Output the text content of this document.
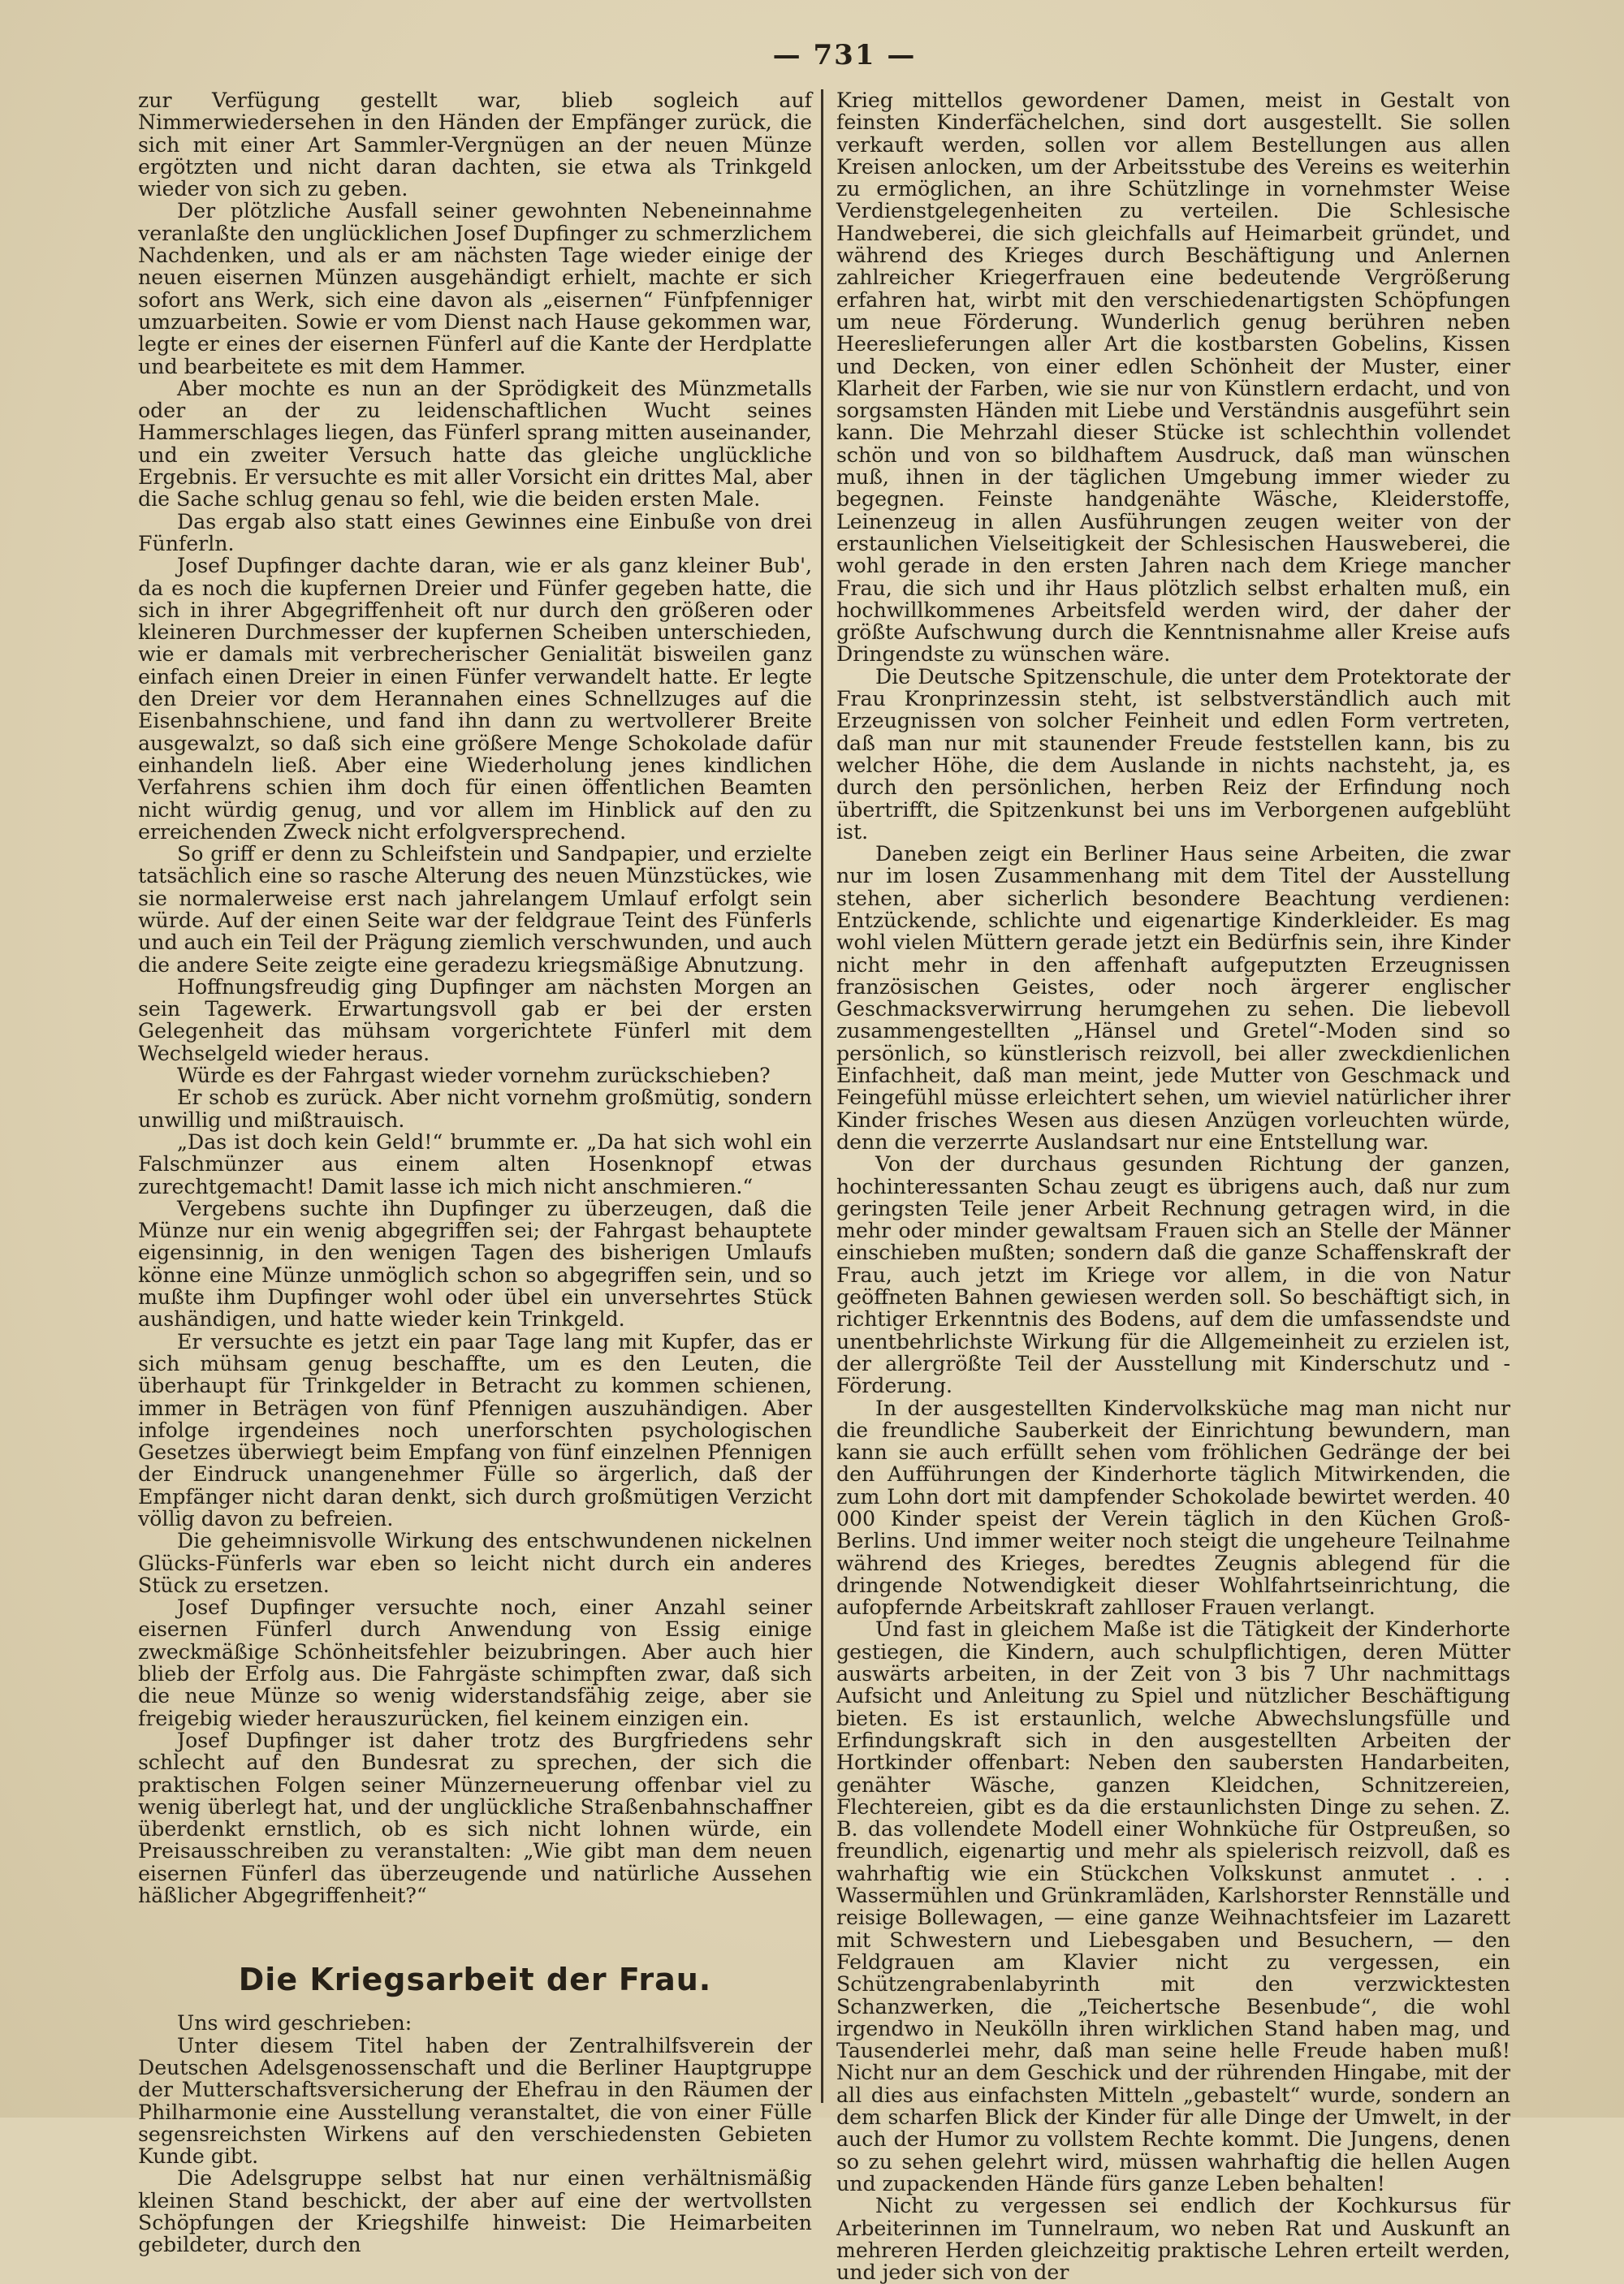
— 731 —

zur Verfügung gestellt war, blieb sogleich auf Nimmerwiedersehen in den Händen der Empfänger zurück, die sich mit einer Art Sammler-Vergnügen an der neuen Münze ergötzten und nicht daran dachten, sie etwa als Trinkgeld wieder von sich zu geben.

Der plötzliche Ausfall seiner gewohnten Nebeneinnahme veranlaßte den unglücklichen Josef Dupfinger zu schmerzlichem Nachdenken, und als er am nächsten Tage wieder einige der neuen eisernen Münzen ausgehändigt erhielt, machte er sich sofort ans Werk, sich eine davon als „eisernen“ Fünfpfenniger umzuarbeiten. Sowie er vom Dienst nach Hause gekommen war, legte er eines der eisernen Fünferl auf die Kante der Herdplatte und bearbeitete es mit dem Hammer.

Aber mochte es nun an der Sprödigkeit des Münzmetalls oder an der zu leidenschaftlichen Wucht seines Hammerschlages liegen, das Fünferl sprang mitten auseinander, und ein zweiter Versuch hatte das gleiche unglückliche Ergebnis. Er versuchte es mit aller Vorsicht ein drittes Mal, aber die Sache schlug genau so fehl, wie die beiden ersten Male.

Das ergab also statt eines Gewinnes eine Einbuße von drei Fünferln.

Josef Dupfinger dachte daran, wie er als ganz kleiner Bub', da es noch die kupfernen Dreier und Fünfer gegeben hatte, die sich in ihrer Abgegriffenheit oft nur durch den größeren oder kleineren Durchmesser der kupfernen Scheiben unterschieden, wie er damals mit verbrecherischer Genialität bisweilen ganz einfach einen Dreier in einen Fünfer verwandelt hatte. Er legte den Dreier vor dem Herannahen eines Schnellzuges auf die Eisenbahnschiene, und fand ihn dann zu wertvollerer Breite ausgewalzt, so daß sich eine größere Menge Schokolade dafür einhandeln ließ. Aber eine Wiederholung jenes kindlichen Verfahrens schien ihm doch für einen öffentlichen Beamten nicht würdig genug, und vor allem im Hinblick auf den zu erreichenden Zweck nicht erfolgversprechend.

So griff er denn zu Schleifstein und Sandpapier, und erzielte tatsächlich eine so rasche Alterung des neuen Münzstückes, wie sie normalerweise erst nach jahrelangem Umlauf erfolgt sein würde. Auf der einen Seite war der feldgraue Teint des Fünferls und auch ein Teil der Prägung ziemlich verschwunden, und auch die andere Seite zeigte eine geradezu kriegsmäßige Abnutzung.

Hoffnungsfreudig ging Dupfinger am nächsten Morgen an sein Tagewerk. Erwartungsvoll gab er bei der ersten Gelegenheit das mühsam vorgerichtete Fünferl mit dem Wechselgeld wieder heraus.

Würde es der Fahrgast wieder vornehm zurückschieben?

Er schob es zurück. Aber nicht vornehm großmütig, sondern unwillig und mißtrauisch.

„Das ist doch kein Geld!“ brummte er. „Da hat sich wohl ein Falschmünzer aus einem alten Hosenknopf etwas zurechtgemacht! Damit lasse ich mich nicht anschmieren.“

Vergebens suchte ihn Dupfinger zu überzeugen, daß die Münze nur ein wenig abgegriffen sei; der Fahrgast behauptete eigensinnig, in den wenigen Tagen des bisherigen Umlaufs könne eine Münze unmöglich schon so abgegriffen sein, und so mußte ihm Dupfinger wohl oder übel ein unversehrtes Stück aushändigen, und hatte wieder kein Trinkgeld.

Er versuchte es jetzt ein paar Tage lang mit Kupfer, das er sich mühsam genug beschaffte, um es den Leuten, die überhaupt für Trinkgelder in Betracht zu kommen schienen, immer in Beträgen von fünf Pfennigen auszuhändigen. Aber infolge irgendeines noch unerforschten psychologischen Gesetzes überwiegt beim Empfang von fünf einzelnen Pfennigen der Eindruck unangenehmer Fülle so ärgerlich, daß der Empfänger nicht daran denkt, sich durch großmütigen Verzicht völlig davon zu befreien.

Die geheimnisvolle Wirkung des entschwundenen nickelnen Glücks-Fünferls war eben so leicht nicht durch ein anderes Stück zu ersetzen.

Josef Dupfinger versuchte noch, einer Anzahl seiner eisernen Fünferl durch Anwendung von Essig einige zweckmäßige Schönheitsfehler beizubringen. Aber auch hier blieb der Erfolg aus. Die Fahrgäste schimpften zwar, daß sich die neue Münze so wenig widerstandsfähig zeige, aber sie freigebig wieder herauszurücken, fiel keinem einzigen ein.

Josef Dupfinger ist daher trotz des Burgfriedens sehr schlecht auf den Bundesrat zu sprechen, der sich die praktischen Folgen seiner Münzerneuerung offenbar viel zu wenig überlegt hat, und der unglückliche Straßenbahnschaffner überdenkt ernstlich, ob es sich nicht lohnen würde, ein Preisausschreiben zu veranstalten: „Wie gibt man dem neuen eisernen Fünferl das überzeugende und natürliche Aussehen häßlicher Abgegriffenheit?“

Die Kriegsarbeit der Frau.

Uns wird geschrieben:

Unter diesem Titel haben der Zentralhilfsverein der Deutschen Adelsgenossenschaft und die Berliner Hauptgruppe der Mutterschaftsversicherung der Ehefrau in den Räumen der Philharmonie eine Ausstellung veranstaltet, die von einer Fülle segensreichsten Wirkens auf den verschiedensten Gebieten Kunde gibt.

Die Adelsgruppe selbst hat nur einen verhältnismäßig kleinen Stand beschickt, der aber auf eine der wertvollsten Schöpfungen der Kriegshilfe hinweist: Die Heimarbeiten gebildeter, durch den

Krieg mittellos gewordener Damen, meist in Gestalt von feinsten Kinderfächelchen, sind dort ausgestellt. Sie sollen verkauft werden, sollen vor allem Bestellungen aus allen Kreisen anlocken, um der Arbeitsstube des Vereins es weiterhin zu ermöglichen, an ihre Schützlinge in vornehmster Weise Verdienstgelegenheiten zu verteilen. Die Schlesische Handweberei, die sich gleichfalls auf Heimarbeit gründet, und während des Krieges durch Beschäftigung und Anlernen zahlreicher Kriegerfrauen eine bedeutende Vergrößerung erfahren hat, wirbt mit den verschiedenartigsten Schöpfungen um neue Förderung. Wunderlich genug berühren neben Heereslieferungen aller Art die kostbarsten Gobelins, Kissen und Decken, von einer edlen Schönheit der Muster, einer Klarheit der Farben, wie sie nur von Künstlern erdacht, und von sorgsamsten Händen mit Liebe und Verständnis ausgeführt sein kann. Die Mehrzahl dieser Stücke ist schlechthin vollendet schön und von so bildhaftem Ausdruck, daß man wünschen muß, ihnen in der täglichen Umgebung immer wieder zu begegnen. Feinste handgenähte Wäsche, Kleiderstoffe, Leinenzeug in allen Ausführungen zeugen weiter von der erstaunlichen Vielseitigkeit der Schlesischen Hausweberei, die wohl gerade in den ersten Jahren nach dem Kriege mancher Frau, die sich und ihr Haus plötzlich selbst erhalten muß, ein hochwillkommenes Arbeitsfeld werden wird, der daher der größte Aufschwung durch die Kenntnisnahme aller Kreise aufs Dringendste zu wünschen wäre.

Die Deutsche Spitzenschule, die unter dem Protektorate der Frau Kronprinzessin steht, ist selbstverständlich auch mit Erzeugnissen von solcher Feinheit und edlen Form vertreten, daß man nur mit staunender Freude feststellen kann, bis zu welcher Höhe, die dem Auslande in nichts nachsteht, ja, es durch den persönlichen, herben Reiz der Erfindung noch übertrifft, die Spitzenkunst bei uns im Verborgenen aufgeblüht ist.

Daneben zeigt ein Berliner Haus seine Arbeiten, die zwar nur im losen Zusammenhang mit dem Titel der Ausstellung stehen, aber sicherlich besondere Beachtung verdienen: Entzückende, schlichte und eigenartige Kinderkleider. Es mag wohl vielen Müttern gerade jetzt ein Bedürfnis sein, ihre Kinder nicht mehr in den affenhaft aufgeputzten Erzeugnissen französischen Geistes, oder noch ärgerer englischer Geschmacksverwirrung herumgehen zu sehen. Die liebevoll zusammengestellten „Hänsel und Gretel“-Moden sind so persönlich, so künstlerisch reizvoll, bei aller zweckdienlichen Einfachheit, daß man meint, jede Mutter von Geschmack und Feingefühl müsse erleichtert sehen, um wieviel natürlicher ihrer Kinder frisches Wesen aus diesen Anzügen vorleuchten würde, denn die verzerrte Auslandsart nur eine Entstellung war.

Von der durchaus gesunden Richtung der ganzen, hochinteressanten Schau zeugt es übrigens auch, daß nur zum geringsten Teile jener Arbeit Rechnung getragen wird, in die mehr oder minder gewaltsam Frauen sich an Stelle der Männer einschieben mußten; sondern daß die ganze Schaffenskraft der Frau, auch jetzt im Kriege vor allem, in die von Natur geöffneten Bahnen gewiesen werden soll. So beschäftigt sich, in richtiger Erkenntnis des Bodens, auf dem die umfassendste und unentbehrlichste Wirkung für die Allgemeinheit zu erzielen ist, der allergrößte Teil der Ausstellung mit Kinderschutz und -Förderung.

In der ausgestellten Kindervolksküche mag man nicht nur die freundliche Sauberkeit der Einrichtung bewundern, man kann sie auch erfüllt sehen vom fröhlichen Gedränge der bei den Aufführungen der Kinderhorte täglich Mitwirkenden, die zum Lohn dort mit dampfender Schokolade bewirtet werden. 40 000 Kinder speist der Verein täglich in den Küchen Groß-Berlins. Und immer weiter noch steigt die ungeheure Teilnahme während des Krieges, beredtes Zeugnis ablegend für die dringende Notwendigkeit dieser Wohlfahrtseinrichtung, die aufopfernde Arbeitskraft zahlloser Frauen verlangt.

Und fast in gleichem Maße ist die Tätigkeit der Kinderhorte gestiegen, die Kindern, auch schulpflichtigen, deren Mütter auswärts arbeiten, in der Zeit von 3 bis 7 Uhr nachmittags Aufsicht und Anleitung zu Spiel und nützlicher Beschäftigung bieten. Es ist erstaunlich, welche Abwechslungsfülle und Erfindungskraft sich in den ausgestellten Arbeiten der Hortkinder offenbart: Neben den saubersten Handarbeiten, genähter Wäsche, ganzen Kleidchen, Schnitzereien, Flechtereien, gibt es da die erstaunlichsten Dinge zu sehen. Z. B. das vollendete Modell einer Wohnküche für Ostpreußen, so freundlich, eigenartig und mehr als spielerisch reizvoll, daß es wahrhaftig wie ein Stückchen Volkskunst anmutet . . . Wassermühlen und Grünkramläden, Karlshorster Rennställe und reisige Bollewagen, — eine ganze Weihnachtsfeier im Lazarett mit Schwestern und Liebesgaben und Besuchern, — den Feldgrauen am Klavier nicht zu vergessen, ein Schützengrabenlabyrinth mit den verzwicktesten Schanzwerken, die „Teichertsche Besenbude“, die wohl irgendwo in Neukölln ihren wirklichen Stand haben mag, und Tausenderlei mehr, daß man seine helle Freude haben muß! Nicht nur an dem Geschick und der rührenden Hingabe, mit der all dies aus einfachsten Mitteln „gebastelt“ wurde, sondern an dem scharfen Blick der Kinder für alle Dinge der Umwelt, in der auch der Humor zu vollstem Rechte kommt. Die Jungens, denen so zu sehen gelehrt wird, müssen wahrhaftig die hellen Augen und zupackenden Hände fürs ganze Leben behalten!

Nicht zu vergessen sei endlich der Kochkursus für Arbeiterinnen im Tunnelraum, wo neben Rat und Auskunft an mehreren Herden gleichzeitig praktische Lehren erteilt werden, und jeder sich von der
